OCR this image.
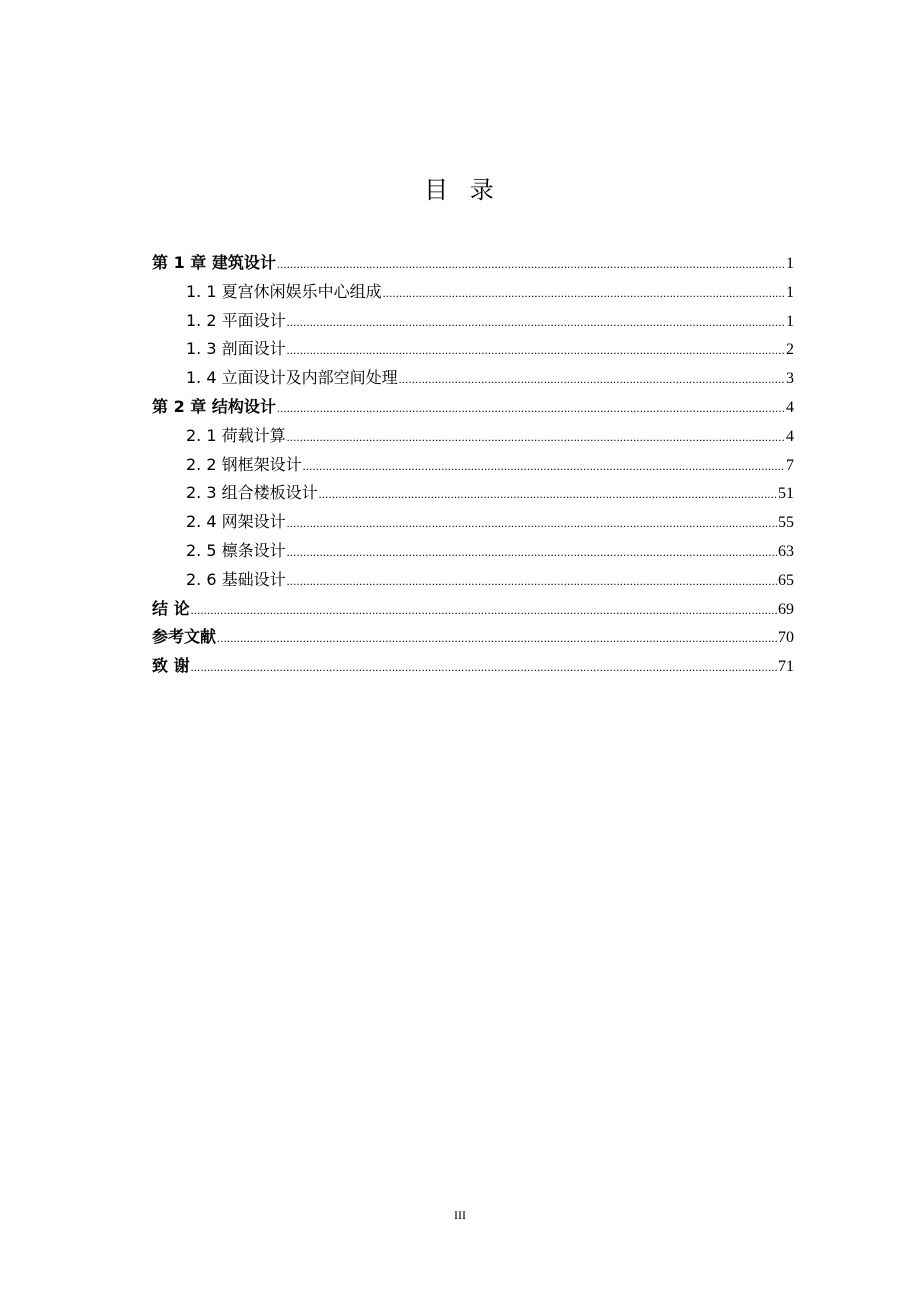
目 录
第 1 章 建筑设计 .....	1
1. 1 夏宫休闲娱乐中心组成 .....	1
1. 2 平面设计 .....	1
1. 3 剖面设计 .....	2
1. 4 立面设计及内部空间处理 .....	3
第 2 章 结构设计 .....	4
2. 1 荷载计算 .....	4
2. 2 钢框架设计 .....	7
2. 3 组合楼板设计 .....	51
2. 4 网架设计 .....	55
2. 5 檩条设计 .....	63
2. 6 基础设计 .....	65
结 论 .....	69
参考文献 .....	70
致 谢 .....	71
III
